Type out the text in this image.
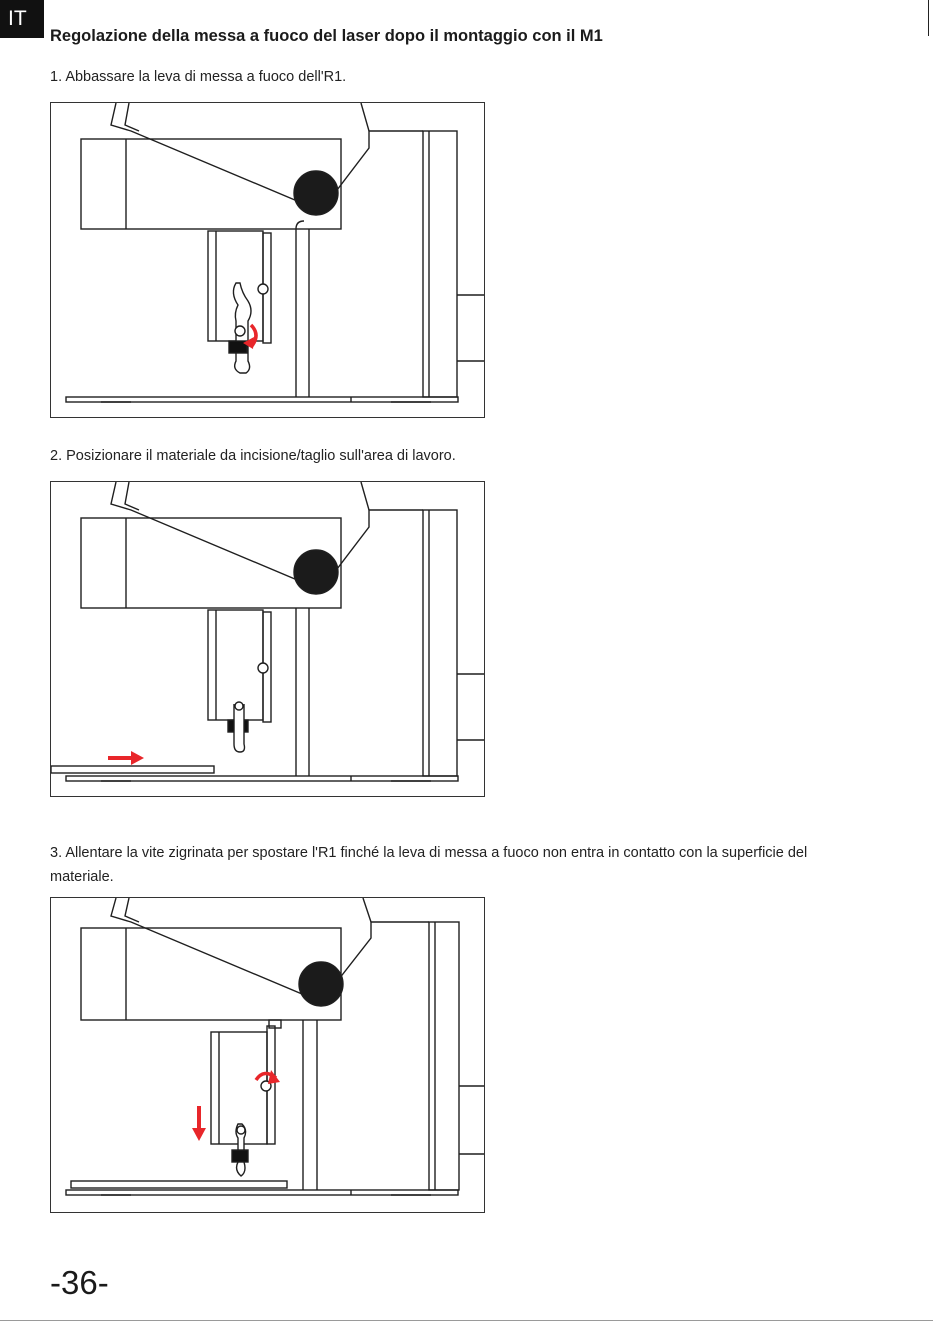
IT
Regolazione della messa a fuoco del laser dopo il montaggio con il M1

1. Abbassare la leva di messa a fuoco dell'R1.

2. Posizionare il materiale da incisione/taglio sull'area di lavoro.

3. Allentare la vite zigrinata per spostare l'R1 finché la leva di messa a fuoco non entra in contatto con la superficie del materiale.

-36-
